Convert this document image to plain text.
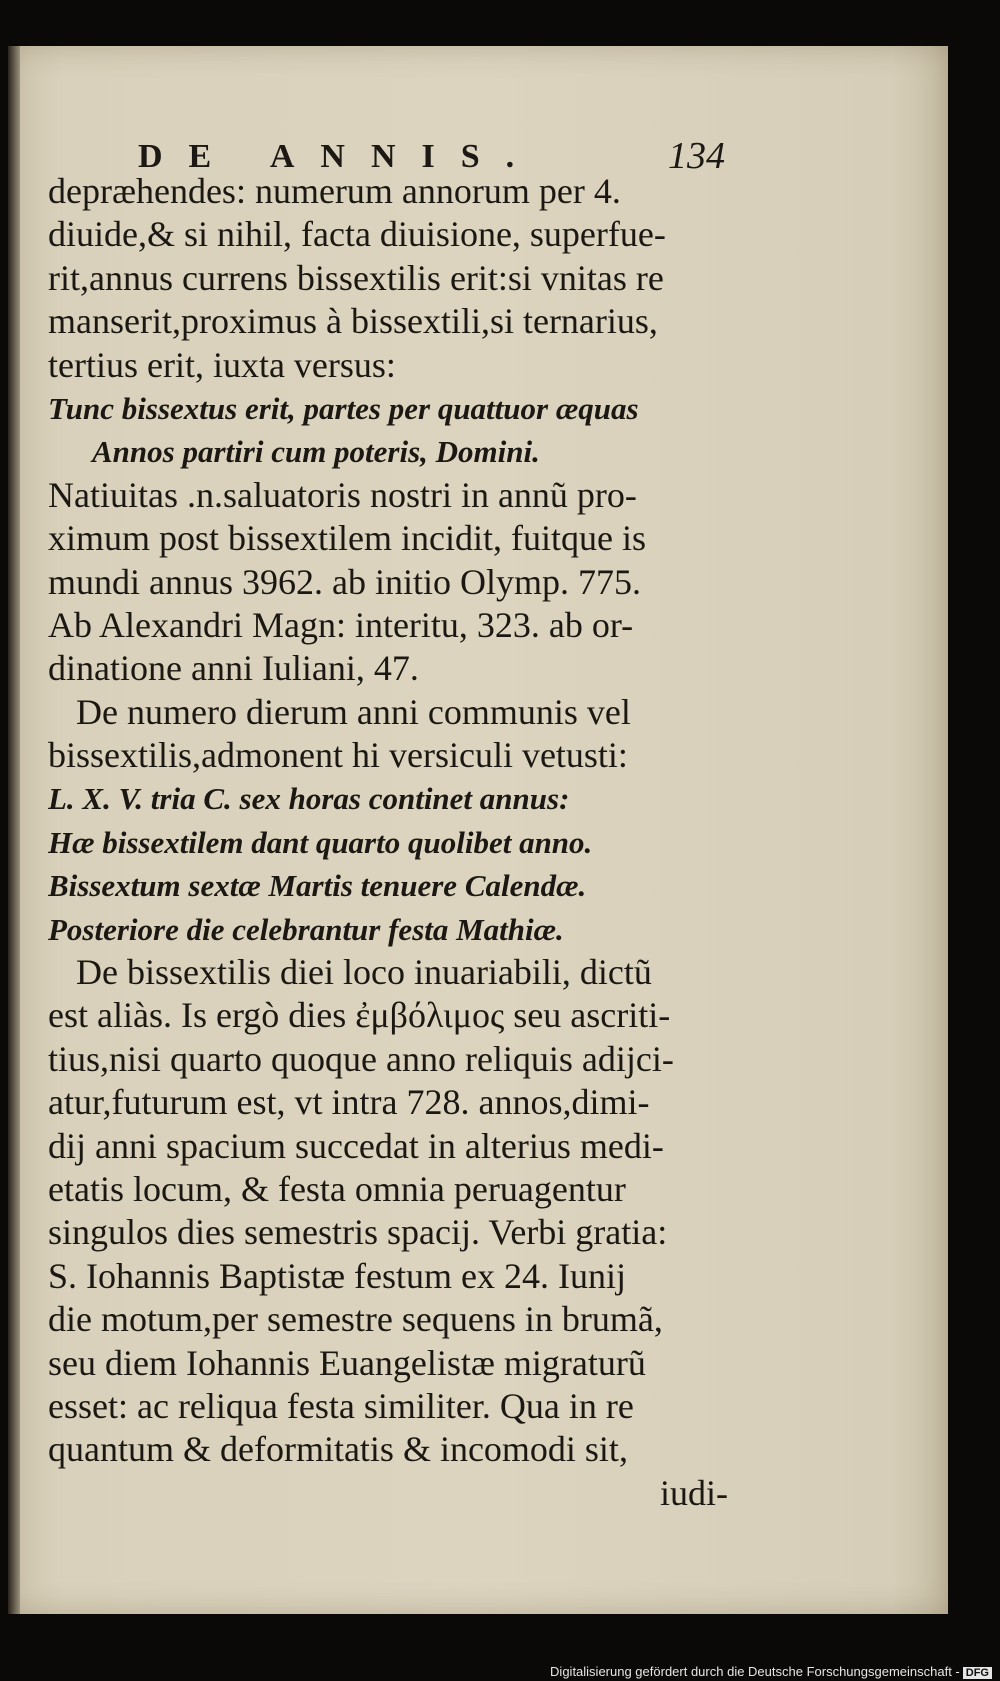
DE ANNIS.	134
depræhendes: numerum annorum per 4.
diuide,& si nihil, facta diuisione, superfue-
rit,annus currens bissextilis erit:si vnitas re
manserit,proximus à bissextili,si ternarius,
tertius erit, iuxta versus:
Tunc bissextus erit, partes per quattuor æquas
Annos partiri cum poteris, Domini.
Natiuitas .n.saluatoris nostri in annũ pro-
ximum post bissextilem incidit, fuitque is
mundi annus 3962. ab initio Olymp. 775.
Ab Alexandri Magn: interitu, 323. ab or-
dinatione anni Iuliani, 47.
De numero dierum anni communis vel
bissextilis,admonent hi versiculi vetusti:
L. X. V. tria C. sex horas continet annus:
Hæ bissextilem dant quarto quolibet anno.
Bissextum sextæ Martis tenuere Calendæ.
Posteriore die celebrantur festa Mathiæ.
De bissextilis diei loco inuariabili, dictũ
est aliàs. Is ergò dies ἐμβόλιμος seu ascriti-
tius,nisi quarto quoque anno reliquis adijci-
atur,futurum est, vt intra 728. annos,dimi-
dij anni spacium succedat in alterius medi-
etatis locum, & festa omnia peruagentur
singulos dies semestris spacij. Verbi gratia:
S. Iohannis Baptistæ festum ex 24. Iunij
die motum,per semestre sequens in brumã,
seu diem Iohannis Euangelistæ migraturũ
esset: ac reliqua festa similiter. Qua in re
quantum & deformitatis & incomodi sit,
iudi-
Digitalisierung gefördert durch die Deutsche Forschungsgemeinschaft - DFG
